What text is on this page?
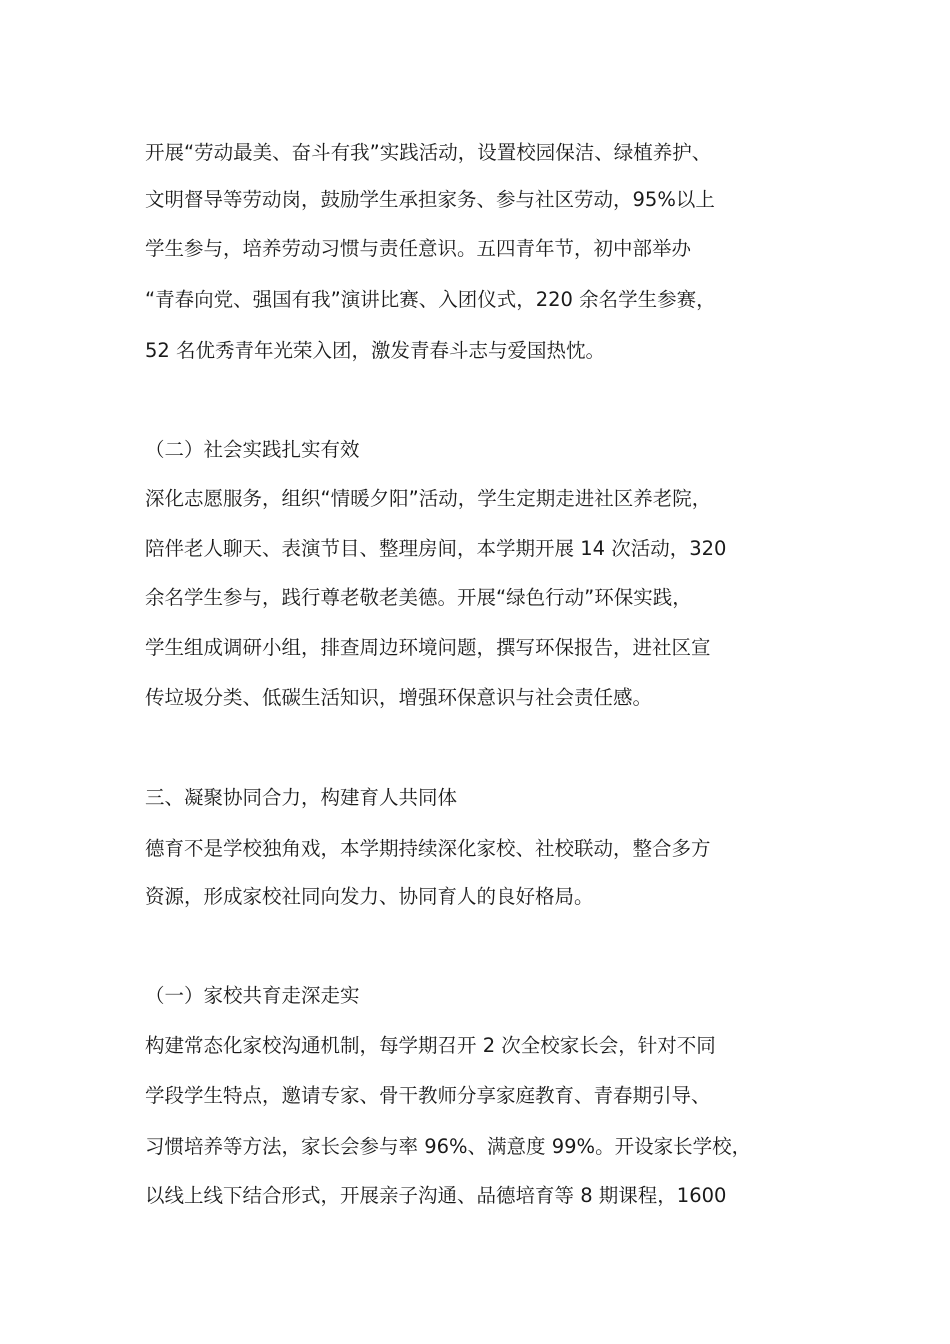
开展“劳动最美、奋斗有我”实践活动，设置校园保洁、绿植养护、
文明督导等劳动岗，鼓励学生承担家务、参与社区劳动，95%以上
学生参与，培养劳动习惯与责任意识。五四青年节，初中部举办
“青春向党、强国有我”演讲比赛、入团仪式，220 余名学生参赛，
52 名优秀青年光荣入团，激发青春斗志与爱国热忱。
（二）社会实践扎实有效
深化志愿服务，组织“情暖夕阳”活动，学生定期走进社区养老院，
陪伴老人聊天、表演节目、整理房间，本学期开展 14 次活动，320
余名学生参与，践行尊老敬老美德。开展“绿色行动”环保实践，
学生组成调研小组，排查周边环境问题，撰写环保报告，进社区宣
传垃圾分类、低碳生活知识，增强环保意识与社会责任感。
三、凝聚协同合力，构建育人共同体
德育不是学校独角戏，本学期持续深化家校、社校联动，整合多方
资源，形成家校社同向发力、协同育人的良好格局。
（一）家校共育走深走实
构建常态化家校沟通机制，每学期召开 2 次全校家长会，针对不同
学段学生特点，邀请专家、骨干教师分享家庭教育、青春期引导、
习惯培养等方法，家长会参与率 96%、满意度 99%。开设家长学校，
以线上线下结合形式，开展亲子沟通、品德培育等 8 期课程，1600
